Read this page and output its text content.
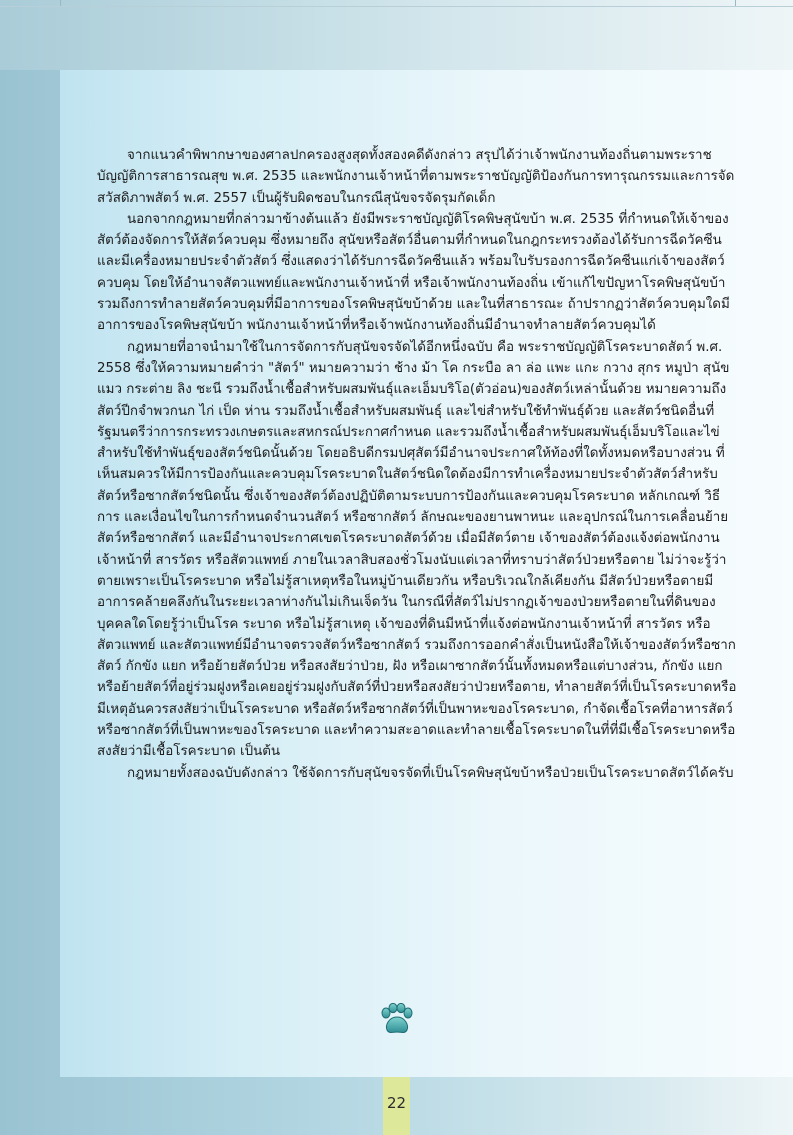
จากแนวคำพิพากษาของศาลปกครองสูงสุดทั้งสองคดีดังกล่าว สรุปได้ว่าเจ้าพนักงานท้องถิ่นตามพระราชบัญญัติการสาธารณสุข พ.ศ. 2535 และพนักงานเจ้าหน้าที่ตามพระราชบัญญัติป้องกันการทารุณกรรมและการจัดสวัสดิภาพสัตว์ พ.ศ. 2557 เป็นผู้รับผิดชอบในกรณีสุนัขจรจัดรุมกัดเด็ก

นอกจากกฎหมายที่กล่าวมาข้างต้นแล้ว ยังมีพระราชบัญญัติโรคพิษสุนัขบ้า พ.ศ. 2535 ที่กำหนดให้เจ้าของสัตว์ต้องจัดการให้สัตว์ควบคุม ซึ่งหมายถึง สุนัขหรือสัตว์อื่นตามที่กำหนดในกฎกระทรวงต้องได้รับการฉีดวัคซีน และมีเครื่องหมายประจำตัวสัตว์ ซึ่งแสดงว่าได้รับการฉีดวัคซีนแล้ว พร้อมใบรับรองการฉีดวัคซีนแก่เจ้าของสัตว์ควบคุม โดยให้อำนาจสัตวแพทย์และพนักงานเจ้าหน้าที่ หรือเจ้าพนักงานท้องถิ่น เข้าแก้ไขปัญหาโรคพิษสุนัขบ้า รวมถึงการทำลายสัตว์ควบคุมที่มีอาการของโรคพิษสุนัขบ้าด้วย และในที่สาธารณะ ถ้าปรากฏว่าสัตว์ควบคุมใดมีอาการของโรคพิษสุนัขบ้า พนักงานเจ้าหน้าที่หรือเจ้าพนักงานท้องถิ่นมีอำนาจทำลายสัตว์ควบคุมได้

กฎหมายที่อาจนำมาใช้ในการจัดการกับสุนัขจรจัดได้อีกหนึ่งฉบับ คือ พระราชบัญญัติโรคระบาดสัตว์ พ.ศ. 2558 ซึ่งให้ความหมายคำว่า "สัตว์" หมายความว่า ช้าง ม้า โค กระบือ ลา ล่อ แพะ แกะ กวาง สุกร หมูป่า สุนัข แมว กระต่าย ลิง ชะนี รวมถึงน้ำเชื้อสำหรับผสมพันธุ์และเอ็มบริโอ(ตัวอ่อน)ของสัตว์เหล่านั้นด้วย หมายความถึงสัตว์ปีกจำพวกนก ไก่ เป็ด ห่าน รวมถึงน้ำเชื้อสำหรับผสมพันธุ์ และไข่สำหรับใช้ทำพันธุ์ด้วย และสัตว์ชนิดอื่นที่รัฐมนตรีว่าการกระทรวงเกษตรและสหกรณ์ประกาศกำหนด และรวมถึงน้ำเชื้อสำหรับผสมพันธุ์เอ็มบริโอและไข่ สำหรับใช้ทำพันธุ์ของสัตว์ชนิดนั้นด้วย โดยอธิบดีกรมปศุสัตว์มีอำนาจประกาศให้ท้องที่ใดทั้งหมดหรือบางส่วน ที่เห็นสมควรให้มีการป้องกันและควบคุมโรคระบาดในสัตว์ชนิดใดต้องมีการทำเครื่องหมายประจำตัวสัตว์สำหรับสัตว์หรือซากสัตว์ชนิดนั้น ซึ่งเจ้าของสัตว์ต้องปฏิบัติตามระบบการป้องกันและควบคุมโรคระบาด หลักเกณฑ์ วิธีการ และเงื่อนไขในการกำหนดจำนวนสัตว์ หรือซากสัตว์ ลักษณะของยานพาหนะ และอุปกรณ์ในการเคลื่อนย้ายสัตว์หรือซากสัตว์ และมีอำนาจประกาศเขตโรคระบาดสัตว์ด้วย เมื่อมีสัตว์ตาย เจ้าของสัตว์ต้องแจ้งต่อพนักงานเจ้าหน้าที่ สารวัตร หรือสัตวแพทย์ ภายในเวลาสิบสองชั่วโมงนับแต่เวลาที่ทราบว่าสัตว์ป่วยหรือตาย ไม่ว่าจะรู้ว่าตายเพราะเป็นโรคระบาด หรือไม่รู้สาเหตุหรือในหมู่บ้านเดียวกัน หรือบริเวณใกล้เคียงกัน มีสัตว์ป่วยหรือตายมีอาการคล้ายคลึงกันในระยะเวลาห่างกันไม่เกินเจ็ดวัน ในกรณีที่สัตว์ไม่ปรากฏเจ้าของป่วยหรือตายในที่ดินของบุคคลใดโดยรู้ว่าเป็นโรค ระบาด หรือไม่รู้สาเหตุ เจ้าของที่ดินมีหน้าที่แจ้งต่อพนักงานเจ้าหน้าที่ สารวัตร หรือสัตวแพทย์ และสัตวแพทย์มีอำนาจตรวจสัตว์หรือซากสัตว์ รวมถึงการออกคำสั่งเป็นหนังสือให้เจ้าของสัตว์หรือซากสัตว์ กักขัง แยก หรือย้ายสัตว์ป่วย หรือสงสัยว่าป่วย, ฝัง หรือเผาซากสัตว์นั้นทั้งหมดหรือแต่บางส่วน, กักขัง แยก หรือย้ายสัตว์ที่อยู่ร่วมฝูงหรือเคยอยู่ร่วมฝูงกับสัตว์ที่ป่วยหรือสงสัยว่าป่วยหรือตาย, ทำลายสัตว์ที่เป็นโรคระบาดหรือมีเหตุอันควรสงสัยว่าเป็นโรคระบาด หรือสัตว์หรือซากสัตว์ที่เป็นพาหะของโรคระบาด, กำจัดเชื้อโรคที่อาหารสัตว์หรือซากสัตว์ที่เป็นพาหะของโรคระบาด และทำความสะอาดและทำลายเชื้อโรคระบาดในที่ที่มีเชื้อโรคระบาดหรือสงสัยว่ามีเชื้อโรคระบาด เป็นต้น

กฎหมายทั้งสองฉบับดังกล่าว ใช้จัดการกับสุนัขจรจัดที่เป็นโรคพิษสุนัขบ้าหรือป่วยเป็นโรคระบาดสัตว์ได้ครับ

22
